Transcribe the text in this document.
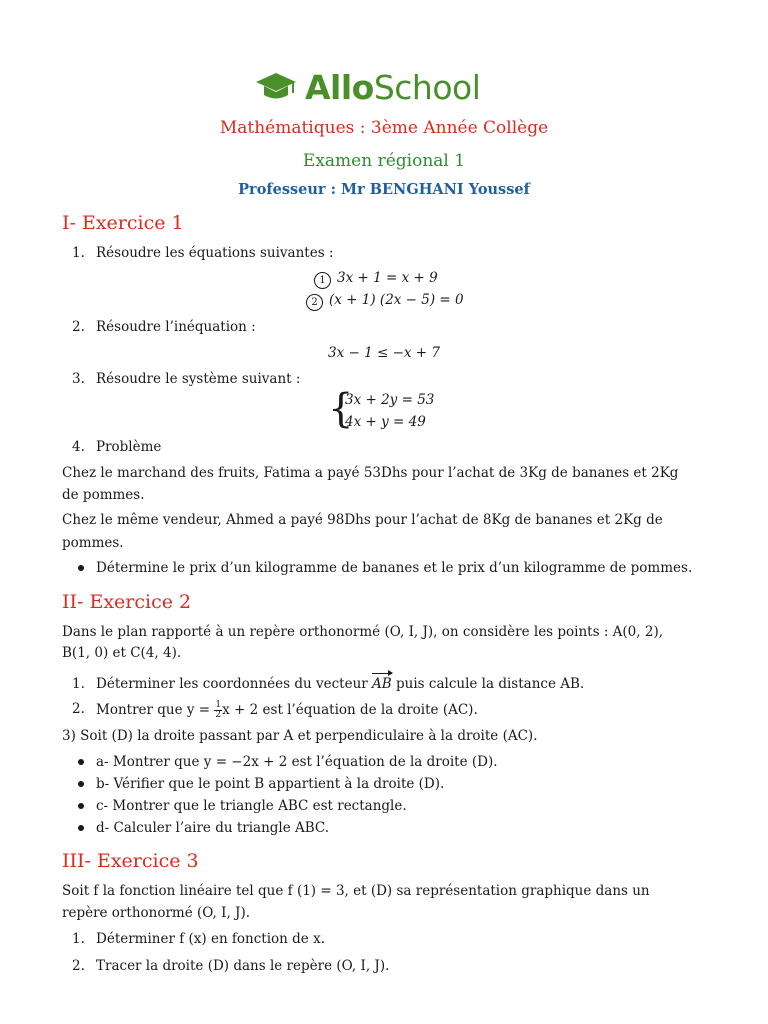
AlloSchool
Mathématiques : 3ème Année Collège
Examen régional 1
Professeur : Mr BENGHANI Youssef
I- Exercice 1
1. Résoudre les équations suivantes :
1 3x + 1 = x + 9
2 (x + 1) (2x − 5) = 0
2. Résoudre l’inéquation :
3x − 1 ≤ −x + 7
3. Résoudre le système suivant :
{
3x + 2y = 53
4x + y = 49
4. Problème
Chez le marchand des fruits, Fatima a payé 53Dhs pour l’achat de 3Kg de bananes et 2Kg
de pommes.
Chez le même vendeur, Ahmed a payé 98Dhs pour l’achat de 8Kg de bananes et 2Kg de
pommes.
Détermine le prix d’un kilogramme de bananes et le prix d’un kilogramme de pommes.
II- Exercice 2
Dans le plan rapporté à un repère orthonormé (O, I, J), on considère les points : A(0, 2),
B(1, 0) et C(4, 4).
1. Déterminer les coordonnées du vecteur AB puis calcule la distance AB.
2. Montrer que $y = \frac{1}{2}$ x + 2 est l’équation de la droite (AC).
3) Soit (D) la droite passant par A et perpendiculaire à la droite (AC).
a- Montrer que y = −2x + 2 est l’équation de la droite (D).
b- Vérifier que le point B appartient à la droite (D).
c- Montrer que le triangle ABC est rectangle.
d- Calculer l’aire du triangle ABC.
III- Exercice 3
Soit f la fonction linéaire tel que f (1) = 3, et (D) sa représentation graphique dans un
repère orthonormé (O, I, J).
1. Déterminer f (x) en fonction de x.
2. Tracer la droite (D) dans le repère (O, I, J).
